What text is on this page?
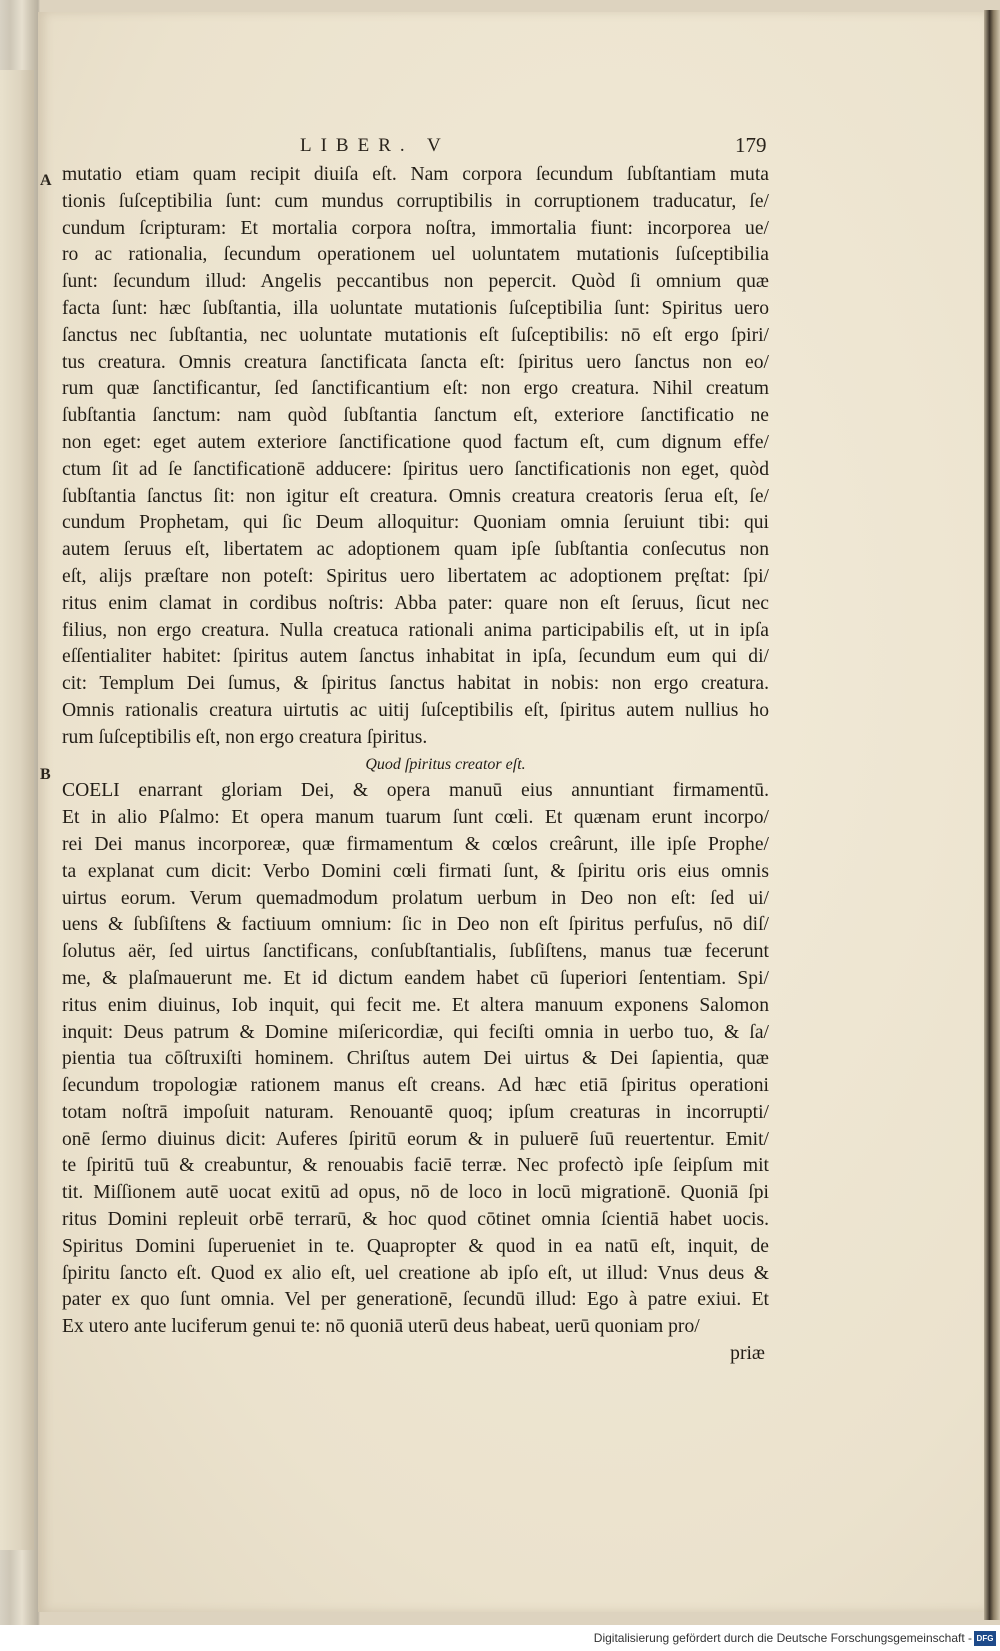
LIBER. V	179
A
B
mutatio etiam quam recipit diuiſa eſt. Nam corpora ſecundum ſubſtantiam muta
tionis ſuſceptibilia ſunt: cum mundus corruptibilis in corruptionem traducatur, ſe/
cundum ſcripturam: Et mortalia corpora noſtra, immortalia fiunt: incorporea ue/
ro ac rationalia, ſecundum operationem uel uoluntatem mutationis ſuſceptibilia
ſunt: ſecundum illud: Angelis peccantibus non pepercit. Quòd ſi omnium quæ
facta ſunt: hæc ſubſtantia, illa uoluntate mutationis ſuſceptibilia ſunt: Spiritus uero
ſanctus nec ſubſtantia, nec uoluntate mutationis eſt ſuſceptibilis: nō eſt ergo ſpiri/
tus creatura. Omnis creatura ſanctificata ſancta eſt: ſpiritus uero ſanctus non eo/
rum quæ ſanctificantur, ſed ſanctificantium eſt: non ergo creatura. Nihil creatum
ſubſtantia ſanctum: nam quòd ſubſtantia ſanctum eſt, exteriore ſanctificatio ne
non eget: eget autem exteriore ſanctificatione quod factum eſt, cum dignum effe/
ctum ſit ad ſe ſanctificationē adducere: ſpiritus uero ſanctificationis non eget, quòd
ſubſtantia ſanctus ſit: non igitur eſt creatura. Omnis creatura creatoris ſerua eſt, ſe/
cundum Prophetam, qui ſic Deum alloquitur: Quoniam omnia ſeruiunt tibi: qui
autem ſeruus eſt, libertatem ac adoptionem quam ipſe ſubſtantia conſecutus non
eſt, alijs præſtare non poteſt: Spiritus uero libertatem ac adoptionem pręſtat: ſpi/
ritus enim clamat in cordibus noſtris: Abba pater: quare non eſt ſeruus, ſicut nec
filius, non ergo creatura. Nulla creatuca rationali anima participabilis eſt, ut in ipſa
eſſentialiter habitet: ſpiritus autem ſanctus inhabitat in ipſa, ſecundum eum qui di/
cit: Templum Dei ſumus, & ſpiritus ſanctus habitat in nobis: non ergo creatura.
Omnis rationalis creatura uirtutis ac uitij ſuſceptibilis eſt, ſpiritus autem nullius ho
rum ſuſceptibilis eſt, non ergo creatura ſpiritus.
Quod ſpiritus creator eſt.
COELI enarrant gloriam Dei, & opera manuū eius annuntiant firmamentū.
Et in alio Pſalmo: Et opera manum tuarum ſunt cœli. Et quænam erunt incorpo/
rei Dei manus incorporeæ, quæ firmamentum & cœlos creârunt, ille ipſe Prophe/
ta explanat cum dicit: Verbo Domini cœli firmati ſunt, & ſpiritu oris eius omnis
uirtus eorum. Verum quemadmodum prolatum uerbum in Deo non eſt: ſed ui/
uens & ſubſiſtens & factiuum omnium: ſic in Deo non eſt ſpiritus perfuſus, nō diſ/
ſolutus aër, ſed uirtus ſanctificans, conſubſtantialis, ſubſiſtens, manus tuæ fecerunt
me, & plaſmauerunt me. Et id dictum eandem habet cū ſuperiori ſententiam. Spi/
ritus enim diuinus, Iob inquit, qui fecit me. Et altera manuum exponens Salomon
inquit: Deus patrum & Domine miſericordiæ, qui feciſti omnia in uerbo tuo, & ſa/
pientia tua cōſtruxiſti hominem. Chriſtus autem Dei uirtus & Dei ſapientia, quæ
ſecundum tropologiæ rationem manus eſt creans. Ad hæc etiā ſpiritus operationi
totam noſtrā impoſuit naturam. Renouantē quoq; ipſum creaturas in incorrupti/
onē ſermo diuinus dicit: Auferes ſpiritū eorum & in puluerē ſuū reuertentur. Emit/
te ſpiritū tuū & creabuntur, & renouabis faciē terræ. Nec profectò ipſe ſeipſum mit
tit. Miſſionem autē uocat exitū ad opus, nō de loco in locū migrationē. Quoniā ſpi
ritus Domini repleuit orbē terrarū, & hoc quod cōtinet omnia ſcientiā habet uocis.
Spiritus Domini ſuperueniet in te. Quapropter & quod in ea natū eſt, inquit, de
ſpiritu ſancto eſt. Quod ex alio eſt, uel creatione ab ipſo eſt, ut illud: Vnus deus &
pater ex quo ſunt omnia. Vel per generationē, ſecundū illud: Ego à patre exiui. Et
Ex utero ante luciferum genui te: nō quoniā uterū deus habeat, uerū quoniam pro/
priæ
Digitalisierung gefördert durch die Deutsche Forschungsgemeinschaft - DFG
